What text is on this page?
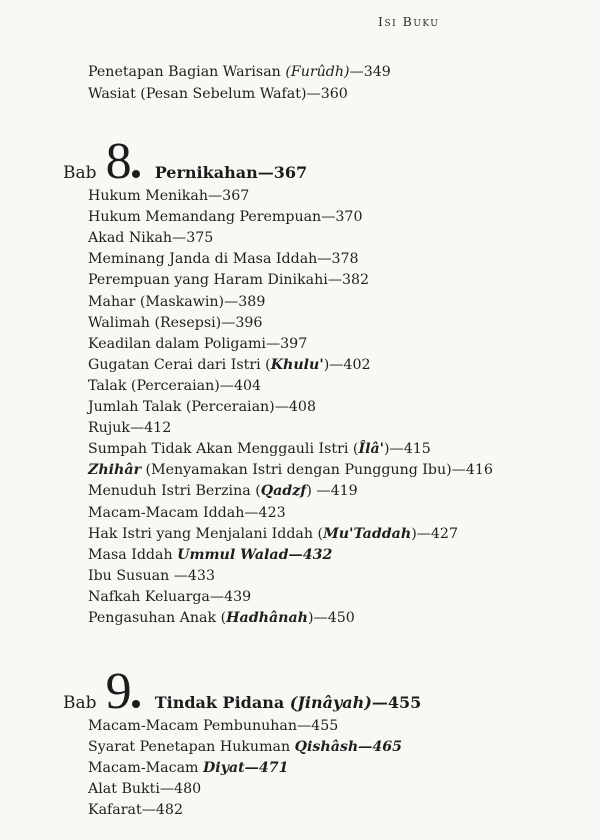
Isi Buku
Penetapan Bagian Warisan (Furûdh)—349
Wasiat (Pesan Sebelum Wafat)—360
Bab 8 Pernikahan—367
Hukum Menikah—367
Hukum Memandang Perempuan—370
Akad Nikah—375
Meminang Janda di Masa Iddah—378
Perempuan yang Haram Dinikahi—382
Mahar (Maskawin)—389
Walimah (Resepsi)—396
Keadilan dalam Poligami—397
Gugatan Cerai dari Istri (Khulu')—402
Talak (Perceraian)—404
Jumlah Talak (Perceraian)—408
Rujuk—412
Sumpah Tidak Akan Menggauli Istri (Îlâ')—415
Zhihâr (Menyamakan Istri dengan Punggung Ibu)—416
Menuduh Istri Berzina (Qadzf) —419
Macam-Macam Iddah—423
Hak Istri yang Menjalani Iddah (Mu'Taddah)—427
Masa Iddah Ummul Walad—432
Ibu Susuan —433
Nafkah Keluarga—439
Pengasuhan Anak (Hadhânah)—450
Bab 9 Tindak Pidana (Jinâyah)—455
Macam-Macam Pembunuhan—455
Syarat Penetapan Hukuman Qishâsh—465
Macam-Macam Diyat—471
Alat Bukti—480
Kafarat—482
